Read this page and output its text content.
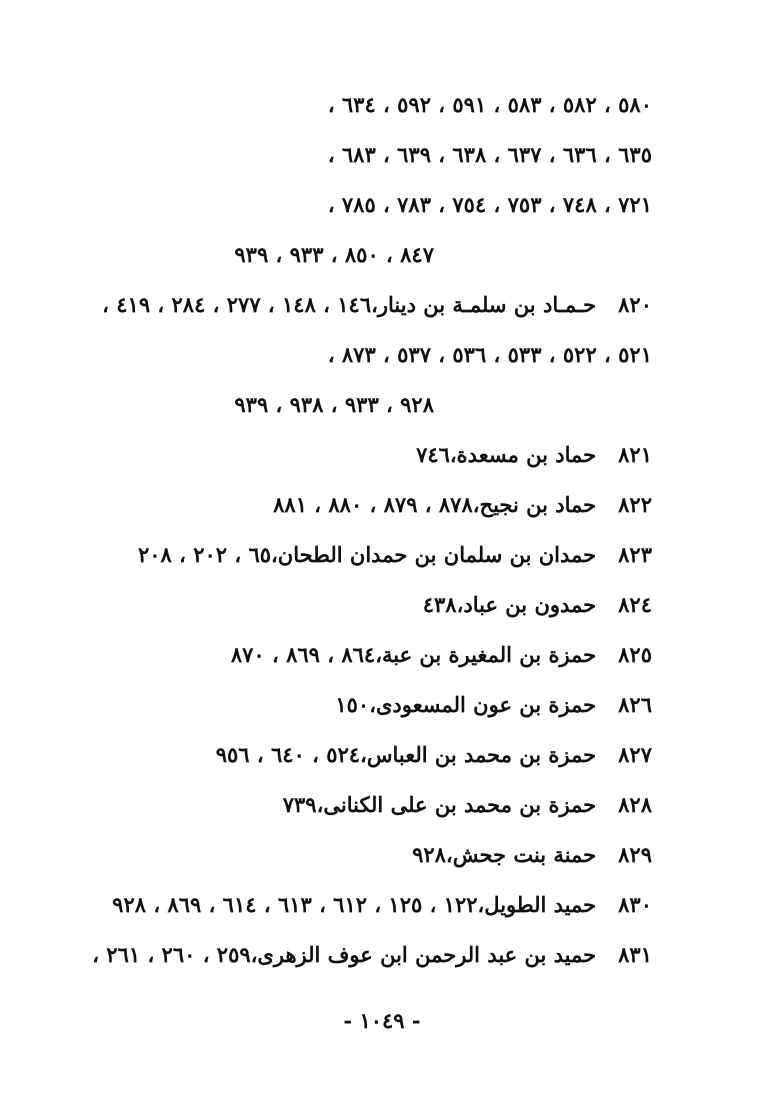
٥٨٠ ، ٥٨٢ ، ٥٨٣ ، ٥٩١ ، ٥٩٢ ، ٦٣٤ ،
٦٣٥ ، ٦٣٦ ، ٦٣٧ ، ٦٣٨ ، ٦٣٩ ، ٦٨٣ ،
٧٢١ ، ٧٤٨ ، ٧٥٣ ، ٧٥٤ ، ٧٨٣ ، ٧٨٥ ،
٨٤٧ ، ٨٥٠ ، ٩٣٣ ، ٩٣٩
٨٢٠حـمـاد بن سلمـة بن دينار،١٤٦ ، ١٤٨ ، ٢٧٧ ، ٢٨٤ ، ٤١٩ ،
٥٢١ ، ٥٢٢ ، ٥٣٣ ، ٥٣٦ ، ٥٣٧ ، ٨٧٣ ،
٩٢٨ ، ٩٣٣ ، ٩٣٨ ، ٩٣٩
٨٢١حماد بن مسعدة،٧٤٦
٨٢٢حماد بن نجيح،٨٧٨ ، ٨٧٩ ، ٨٨٠ ، ٨٨١
٨٢٣حمدان بن سلمان بن حمدان الطحان،٦٥ ، ٢٠٢ ، ٢٠٨
٨٢٤حمدون بن عباد،٤٣٨
٨٢٥حمزة بن المغيرة بن عبة،٨٦٤ ، ٨٦٩ ، ٨٧٠
٨٢٦حمزة بن عون المسعودى،١٥٠
٨٢٧حمزة بن محمد بن العباس،٥٢٤ ، ٦٤٠ ، ٩٥٦
٨٢٨حمزة بن محمد بن على الكنانى،٧٣٩
٨٢٩حمنة بنت جحش،٩٢٨
٨٣٠حميد الطويل،١٢٢ ، ١٢٥ ، ٦١٢ ، ٦١٣ ، ٦١٤ ، ٨٦٩ ، ٩٢٨
٨٣١حميد بن عبد الرحمن ابن عوف الزهرى،٢٥٩ ، ٢٦٠ ، ٢٦١ ،
- ١٠٤٩ -
